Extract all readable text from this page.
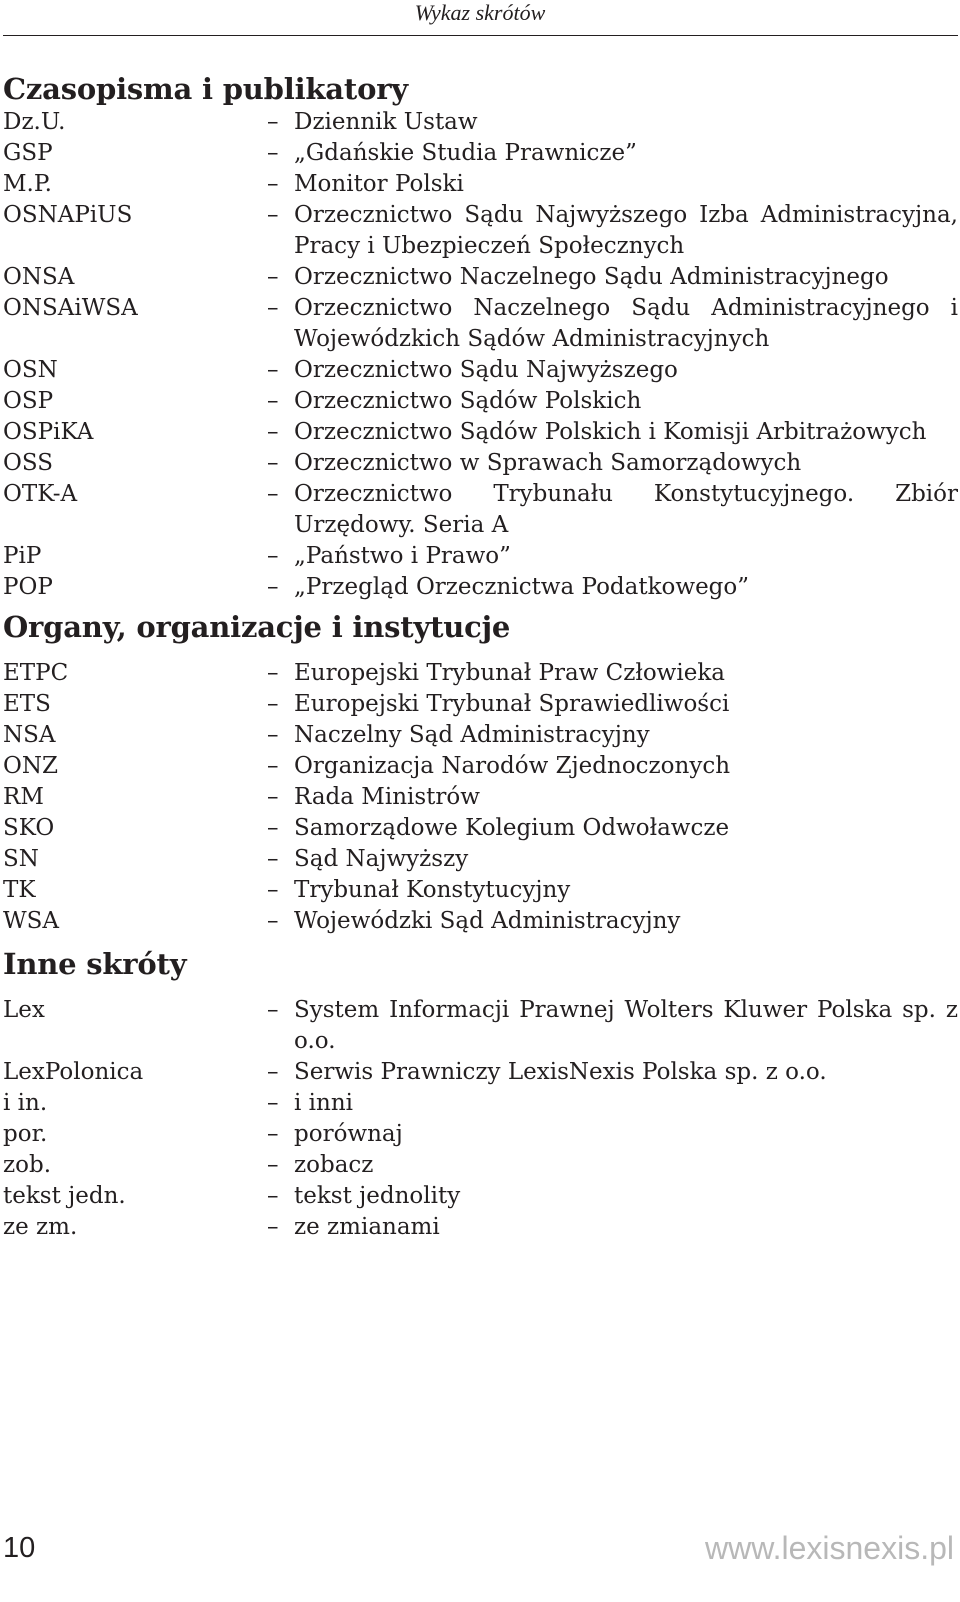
Wykaz skrótów
Czasopisma i publikatory
Dz.U.	– Dziennik Ustaw
GSP	– „Gdańskie Studia Prawnicze”
M.P.	– Monitor Polski
OSNAPiUS	– Orzecznictwo Sądu Najwyższego Izba Administracyjna, Pracy i Ubezpieczeń Społecznych
ONSA	– Orzecznictwo Naczelnego Sądu Administracyjnego
ONSAiWSA	– Orzecznictwo Naczelnego Sądu Administracyjnego i Wojewódzkich Sądów Administracyjnych
OSN	– Orzecznictwo Sądu Najwyższego
OSP	– Orzecznictwo Sądów Polskich
OSPiKA	– Orzecznictwo Sądów Polskich i Komisji Arbitrażowych
OSS	– Orzecznictwo w Sprawach Samorządowych
OTK-A	– Orzecznictwo Trybunału Konstytucyjnego. Zbiór Urzędowy. Seria A
PiP	– „Państwo i Prawo”
POP	– „Przegląd Orzecznictwa Podatkowego”
Organy, organizacje i instytucje
ETPC	– Europejski Trybunał Praw Człowieka
ETS	– Europejski Trybunał Sprawiedliwości
NSA	– Naczelny Sąd Administracyjny
ONZ	– Organizacja Narodów Zjednoczonych
RM	– Rada Ministrów
SKO	– Samorządowe Kolegium Odwoławcze
SN	– Sąd Najwyższy
TK	– Trybunał Konstytucyjny
WSA	– Wojewódzki Sąd Administracyjny
Inne skróty
Lex	– System Informacji Prawnej Wolters Kluwer Polska sp. z o.o.
LexPolonica	– Serwis Prawniczy LexisNexis Polska sp. z o.o.
i in.	– i inni
por.	– porównaj
zob.	– zobacz
tekst jedn.	– tekst jednolity
ze zm.	– ze zmianami
10	www.lexisnexis.pl
